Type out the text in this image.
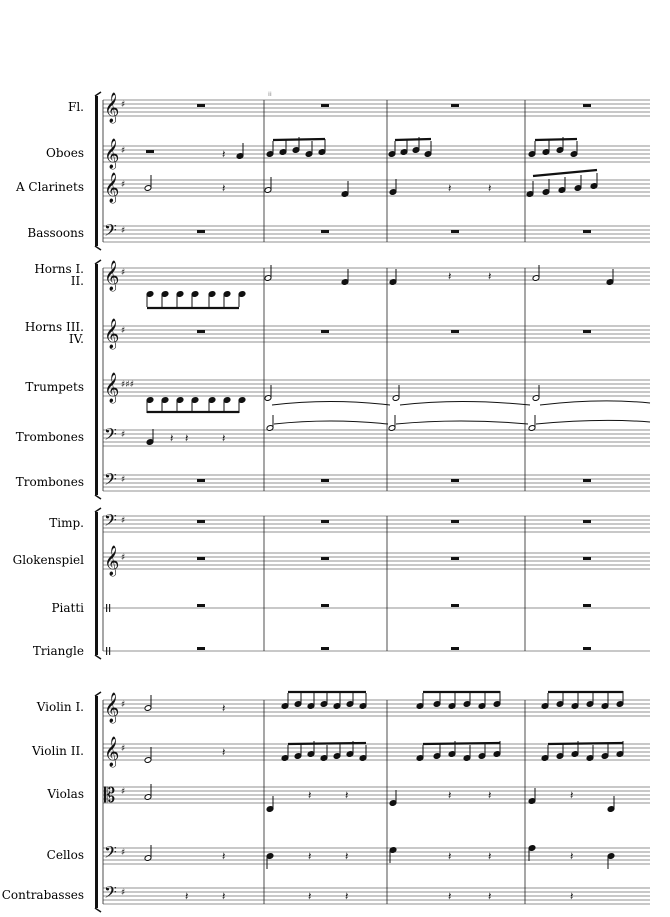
⁞⁞
Fl.
Oboes
A Clarinets
Bassoons
Horns I.
II.
Horns III.
IV.
Trumpets
Trombones
Trombones
Timp.
Glokenspiel
Piatti
Triangle
Violin I.
Violin II.
Violas
Cellos
Contrabasses
𝄞 ♯
𝄞 ♯
𝄞 ♯
𝄢 ♯
𝄞 ♯
𝄞 ♯
𝄞 ♯♯♯
𝄢 ♯
𝄢 ♯
𝄢 ♯
𝄞 ♯
𝄞 ♯
𝄞 ♯
𝄡 ♯
𝄢 ♯
𝄢 ♯
𝄽
𝄽	𝄽	𝄽
𝄽	𝄽
𝄽 𝄽	𝄽
𝄽
𝄽
𝄽	𝄽	𝄽	𝄽	𝄽
𝄽	𝄽	𝄽	𝄽	𝄽	𝄽
𝄽	𝄽	𝄽	𝄽	𝄽	𝄽	𝄽
